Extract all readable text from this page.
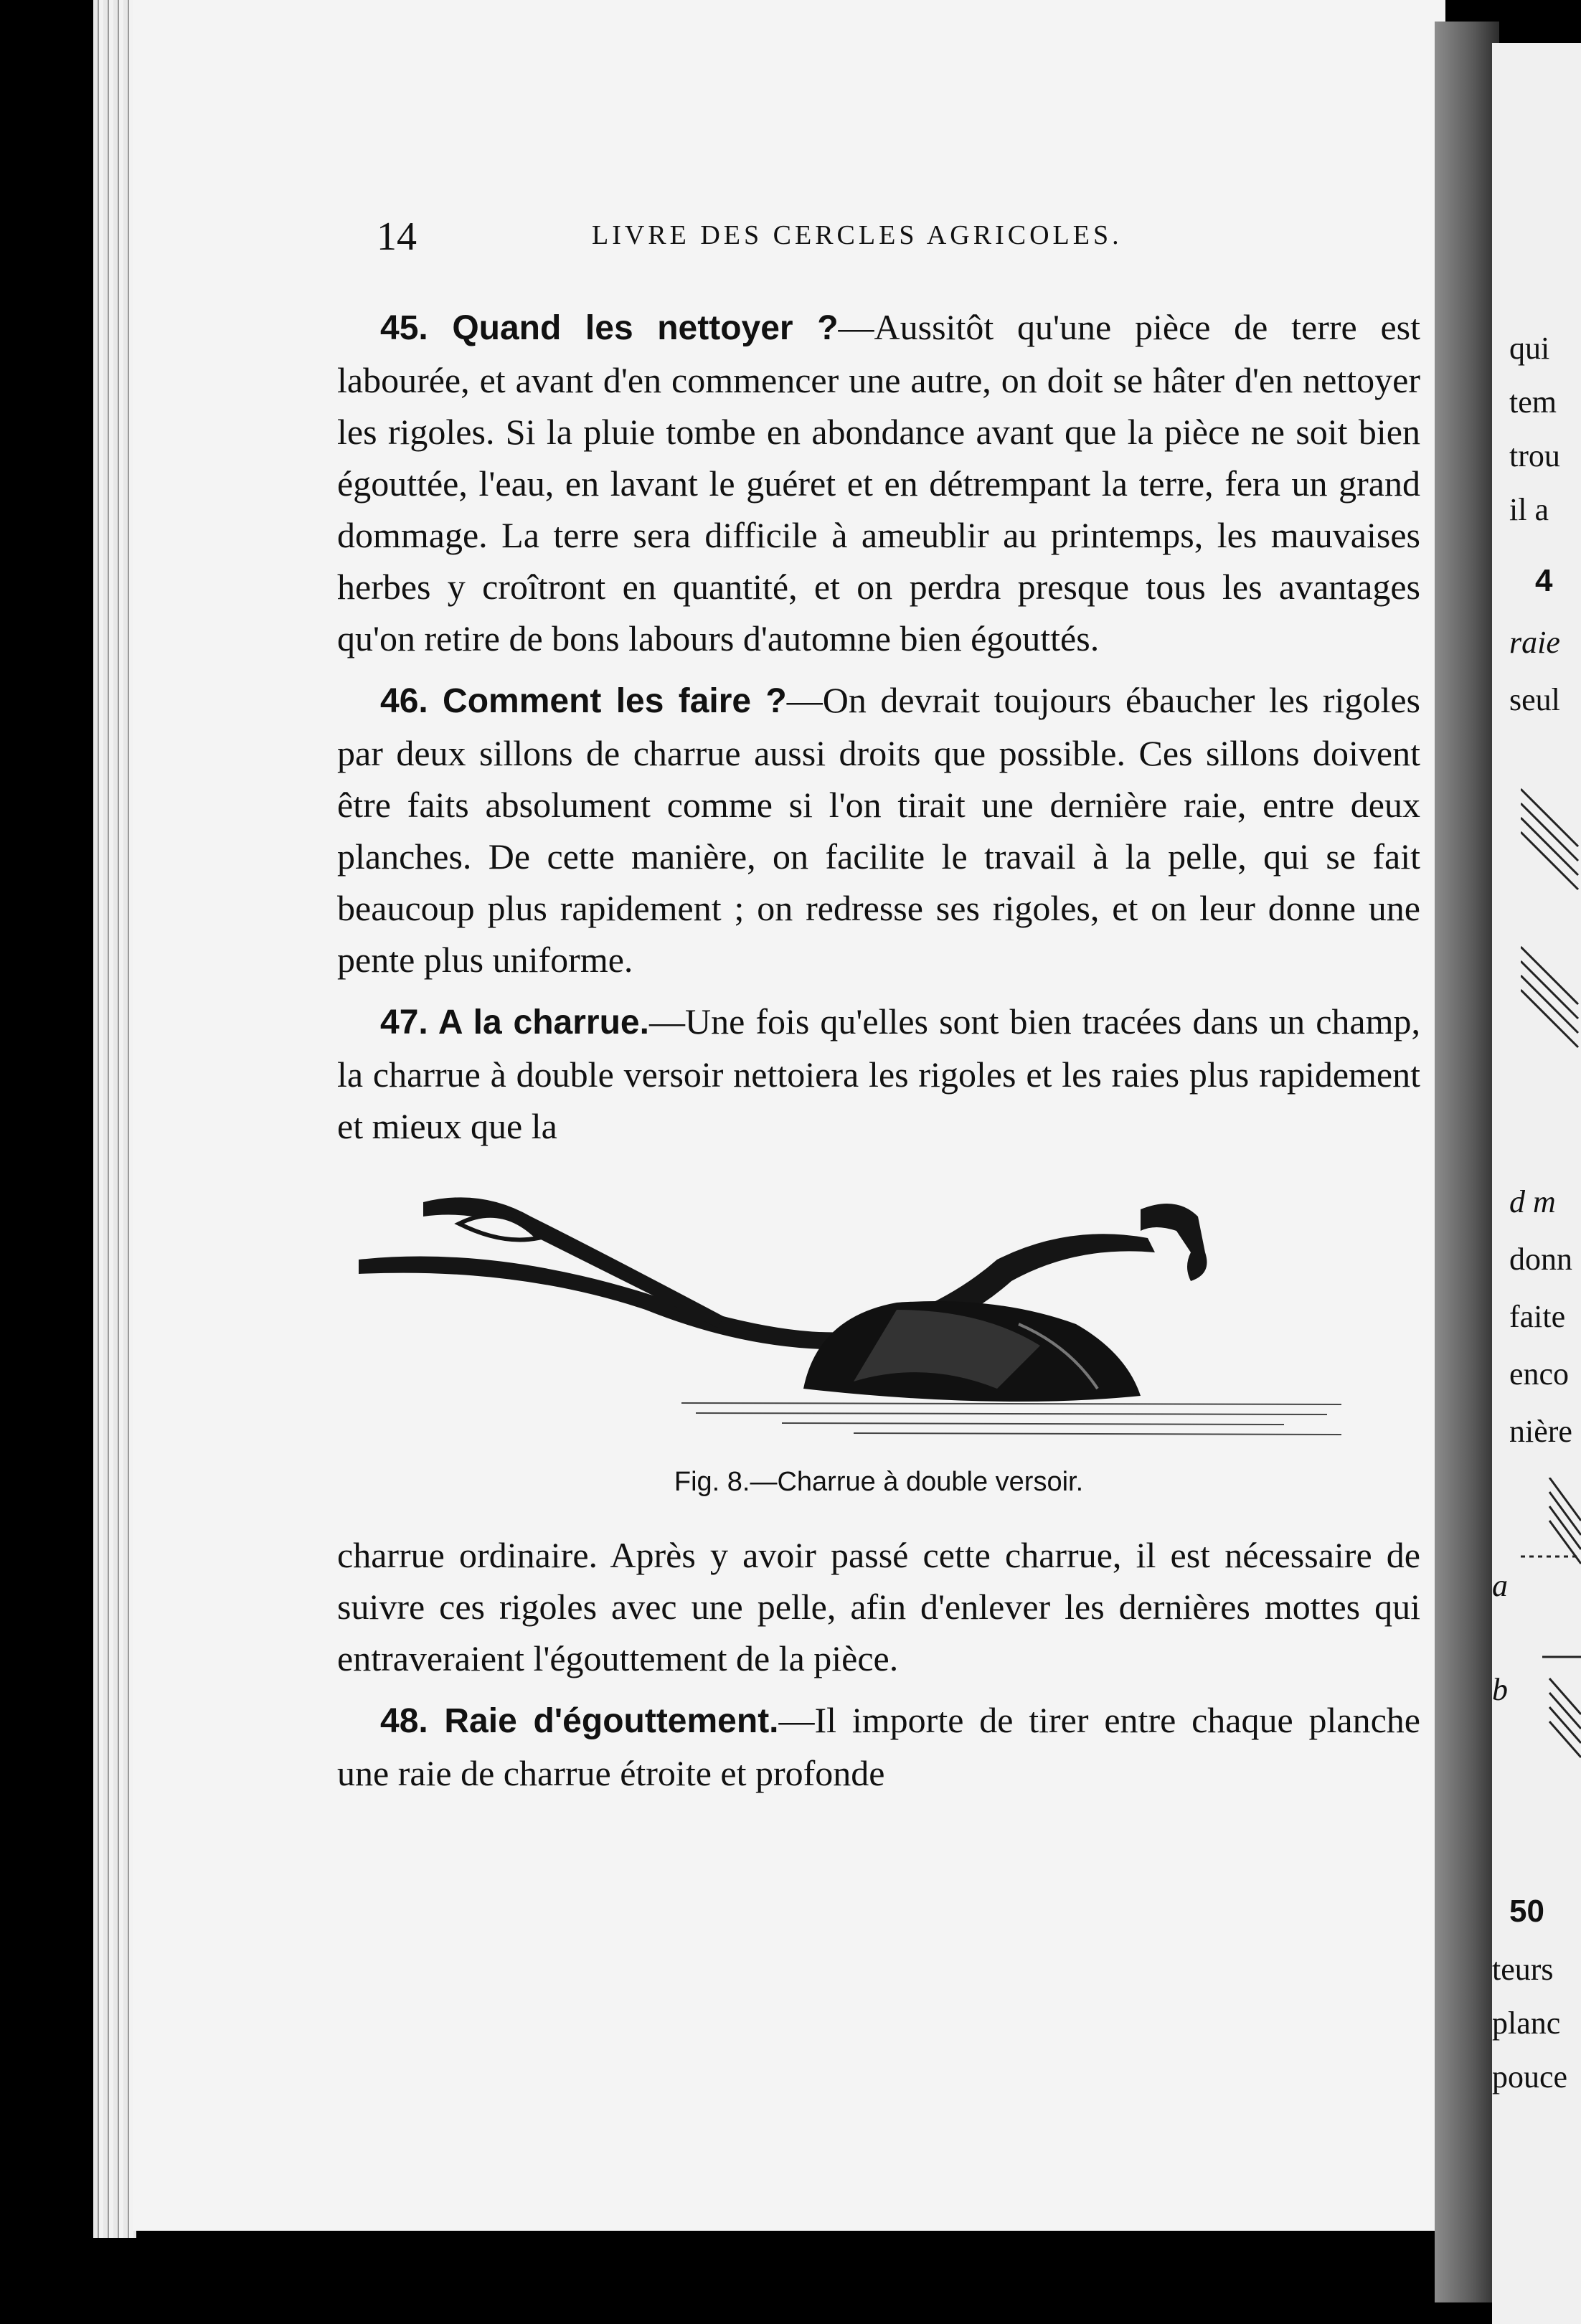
14	LIVRE DES CERCLES AGRICOLES.

45. Quand les nettoyer ?—Aussitôt qu'une pièce de terre est labourée, et avant d'en commencer une autre, on doit se hâter d'en nettoyer les rigoles. Si la pluie tombe en abondance avant que la pièce ne soit bien égouttée, l'eau, en lavant le guéret et en détrempant la terre, fera un grand dommage. La terre sera difficile à ameublir au printemps, les mauvaises herbes y croîtront en quantité, et on perdra presque tous les avantages qu'on retire de bons labours d'automne bien égouttés.

46. Comment les faire ?—On devrait toujours ébaucher les rigoles par deux sillons de charrue aussi droits que possible. Ces sillons doivent être faits absolument comme si l'on tirait une dernière raie, entre deux planches. De cette manière, on facilite le travail à la pelle, qui se fait beaucoup plus rapidement ; on redresse ses rigoles, et on leur donne une pente plus uniforme.

47. A la charrue.—Une fois qu'elles sont bien tracées dans un champ, la charrue à double versoir nettoiera les rigoles et les raies plus rapidement et mieux que la

Fig. 8.—Charrue à double versoir.

charrue ordinaire. Après y avoir passé cette charrue, il est nécessaire de suivre ces rigoles avec une pelle, afin d'enlever les dernières mottes qui entraveraient l'égouttement de la pièce.

48. Raie d'égouttement.—Il importe de tirer entre chaque planche une raie de charrue étroite et profonde

qui
tem
trou
il a
4
raie
seul
d m
donn
faite
enco
nière
a
b
50
teurs
planc
pouce
